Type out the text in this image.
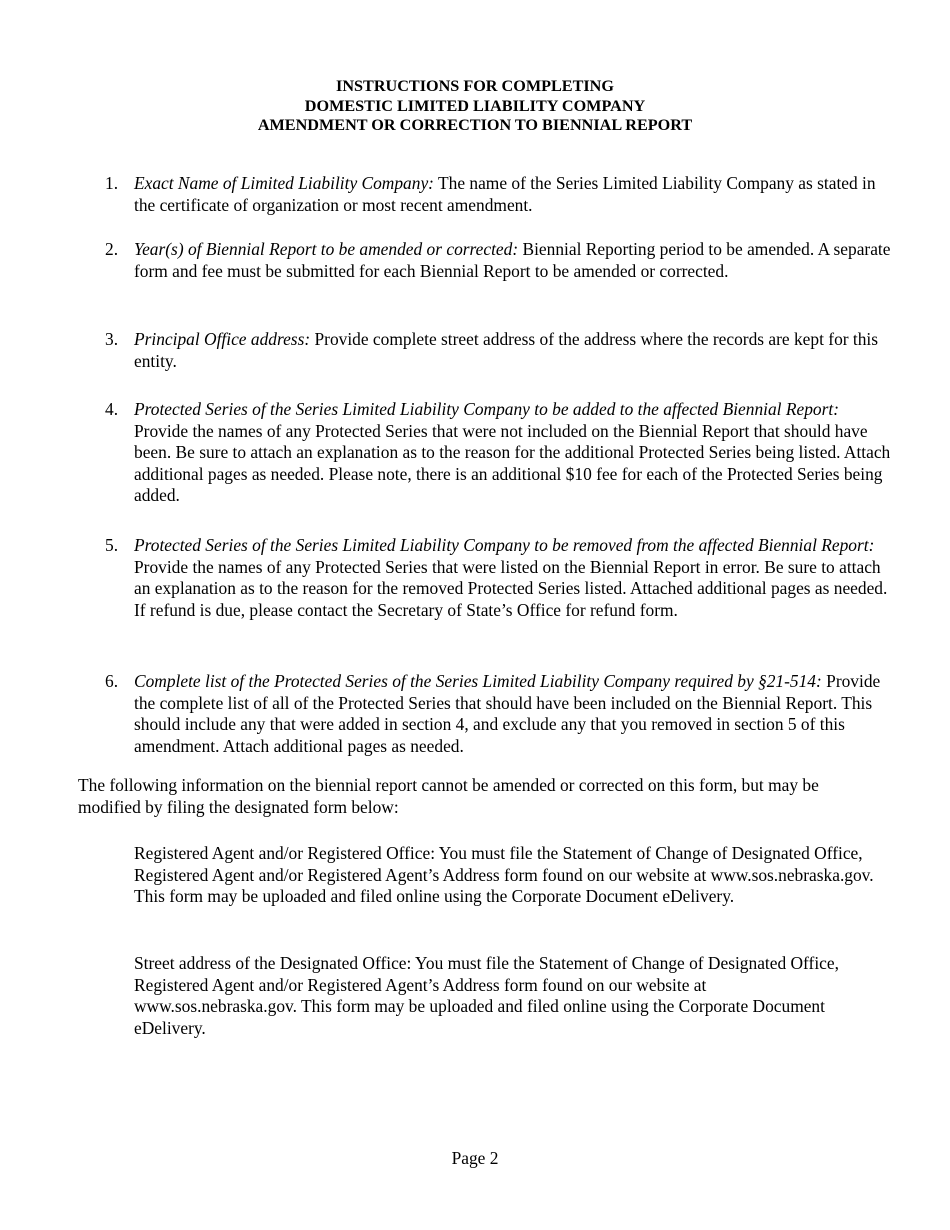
INSTRUCTIONS FOR COMPLETING
DOMESTIC LIMITED LIABILITY COMPANY
AMENDMENT OR CORRECTION TO BIENNIAL REPORT
1. Exact Name of Limited Liability Company: The name of the Series Limited Liability Company as stated in the certificate of organization or most recent amendment.
2. Year(s) of Biennial Report to be amended or corrected: Biennial Reporting period to be amended. A separate form and fee must be submitted for each Biennial Report to be amended or corrected.
3. Principal Office address: Provide complete street address of the address where the records are kept for this entity.
4. Protected Series of the Series Limited Liability Company to be added to the affected Biennial Report: Provide the names of any Protected Series that were not included on the Biennial Report that should have been. Be sure to attach an explanation as to the reason for the additional Protected Series being listed. Attach additional pages as needed. Please note, there is an additional $10 fee for each of the Protected Series being added.
5. Protected Series of the Series Limited Liability Company to be removed from the affected Biennial Report: Provide the names of any Protected Series that were listed on the Biennial Report in error. Be sure to attach an explanation as to the reason for the removed Protected Series listed. Attached additional pages as needed. If refund is due, please contact the Secretary of State’s Office for refund form.
6. Complete list of the Protected Series of the Series Limited Liability Company required by §21-514: Provide the complete list of all of the Protected Series that should have been included on the Biennial Report. This should include any that were added in section 4, and exclude any that you removed in section 5 of this amendment. Attach additional pages as needed.
The following information on the biennial report cannot be amended or corrected on this form, but may be modified by filing the designated form below:
Registered Agent and/or Registered Office: You must file the Statement of Change of Designated Office, Registered Agent and/or Registered Agent’s Address form found on our website at www.sos.nebraska.gov. This form may be uploaded and filed online using the Corporate Document eDelivery.
Street address of the Designated Office: You must file the Statement of Change of Designated Office, Registered Agent and/or Registered Agent’s Address form found on our website at www.sos.nebraska.gov. This form may be uploaded and filed online using the Corporate Document eDelivery.
Page 2
